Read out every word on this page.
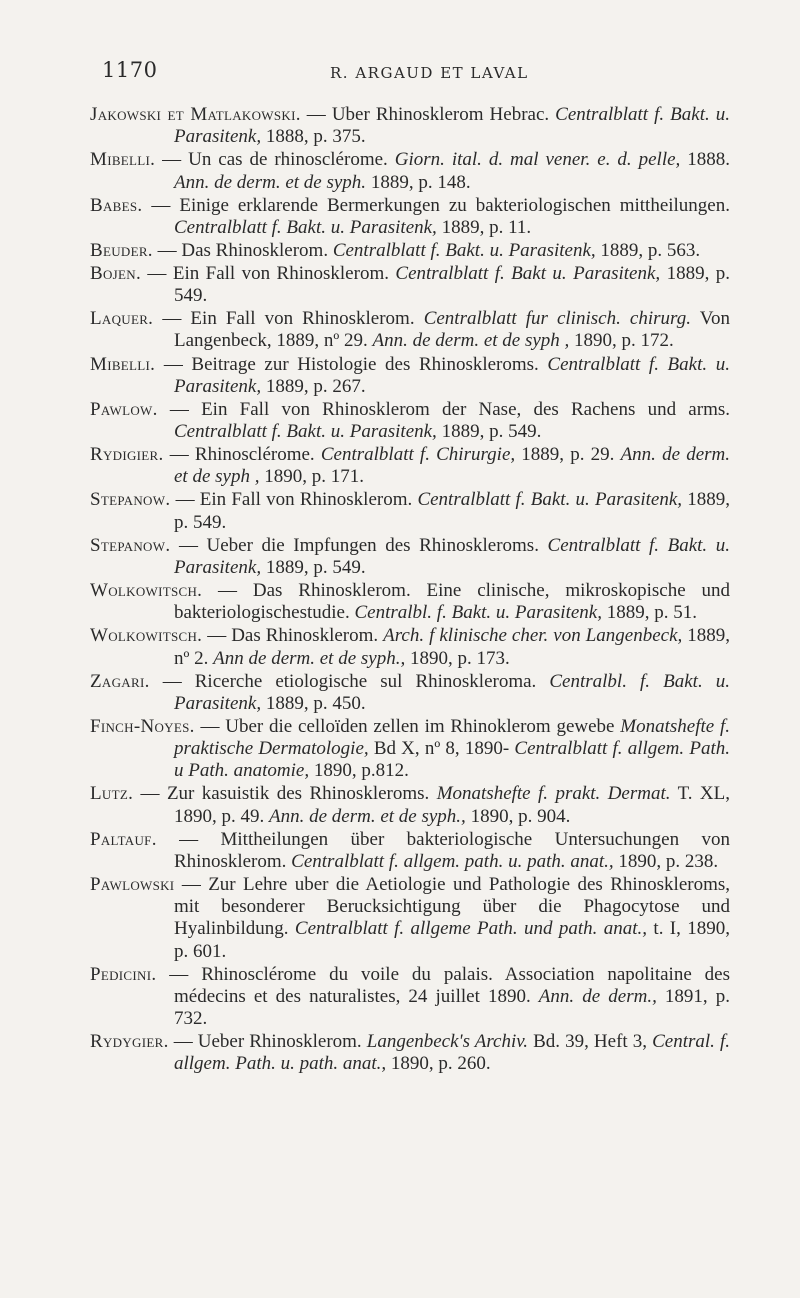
1170	R. ARGAUD ET LAVAL
Jakowski et Matlakowski. — Uber Rhinosklerom Hebrac. Centralblatt f. Bakt. u. Parasitenk, 1888, p. 375.
Mibelli. — Un cas de rhinosclérome. Giorn. ital. d. mal vener. e. d. pelle, 1888. Ann. de derm. et de syph. 1889, p. 148.
Babes. — Einige erklarende Bermerkungen zu bakteriologischen mittheilungen. Centralblatt f. Bakt. u. Parasitenk, 1889, p. 11.
Beuder. — Das Rhinosklerom. Centralblatt f. Bakt. u. Parasitenk, 1889, p. 563.
Bojen. — Ein Fall von Rhinosklerom. Centralblatt f. Bakt u. Parasitenk, 1889, p. 549.
Laquer. — Ein Fall von Rhinosklerom. Centralblatt fur clinisch. chirurg. Von Langenbeck, 1889, nº 29. Ann. de derm. et de syph , 1890, p. 172.
Mibelli. — Beitrage zur Histologie des Rhinoskleroms. Centralblatt f. Bakt. u. Parasitenk, 1889, p. 267.
Pawlow. — Ein Fall von Rhinosklerom der Nase, des Rachens und arms. Centralblatt f. Bakt. u. Parasitenk, 1889, p. 549.
Rydigier. — Rhinosclérome. Centralblatt f. Chirurgie, 1889, p. 29. Ann. de derm. et de syph , 1890, p. 171.
Stepanow. — Ein Fall von Rhinosklerom. Centralblatt f. Bakt. u. Parasitenk, 1889, p. 549.
Stepanow. — Ueber die Impfungen des Rhinoskleroms. Centralblatt f. Bakt. u. Parasitenk, 1889, p. 549.
Wolkowitsch. — Das Rhinosklerom. Eine clinische, mikroskopische und bakteriologischestudie. Centralbl. f. Bakt. u. Parasitenk, 1889, p. 51.
Wolkowitsch. — Das Rhinosklerom. Arch. f klinische cher. von Langenbeck, 1889, nº 2. Ann de derm. et de syph., 1890, p. 173.
Zagari. — Ricerche etiologische sul Rhinoskleroma. Centralbl. f. Bakt. u. Parasitenk, 1889, p. 450.
Finch-Noyes. — Uber die celloïden zellen im Rhinoklerom gewebe Monatshefte f. praktische Dermatologie, Bd X, nº 8, 1890- Centralblatt f. allgem. Path. u Path. anatomie, 1890, p.812.
Lutz. — Zur kasuistik des Rhinoskleroms. Monatshefte f. prakt. Dermat. T. XL, 1890, p. 49. Ann. de derm. et de syph., 1890, p. 904.
Paltauf. — Mittheilungen über bakteriologische Untersuchungen von Rhinosklerom. Centralblatt f. allgem. path. u. path. anat., 1890, p. 238.
Pawlowski — Zur Lehre uber die Aetiologie und Pathologie des Rhinoskleroms, mit besonderer Berucksichtigung über die Phagocytose und Hyalinbildung. Centralblatt f. allgeme Path. und path. anat., t. I, 1890, p. 601.
Pedicini. — Rhinosclérome du voile du palais. Association napolitaine des médecins et des naturalistes, 24 juillet 1890. Ann. de derm., 1891, p. 732.
Rydygier. — Ueber Rhinosklerom. Langenbeck's Archiv. Bd. 39, Heft 3, Central. f. allgem. Path. u. path. anat., 1890, p. 260.
